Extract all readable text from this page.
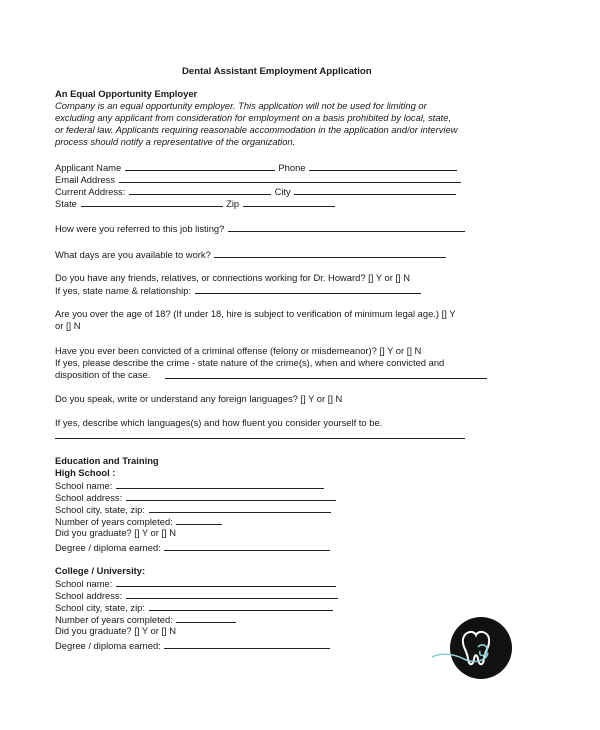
Dental Assistant Employment Application
An Equal Opportunity Employer
Company is an equal opportunity employer. This application will not be used for limiting or
excluding any applicant from consideration for employment on a basis prohibited by local, state,
or federal law. Applicants requiring reasonable accommodation in the application and/or interview
process should notify a representative of the organization.
Applicant Name	Phone
Email Address
Current Address:	City
State	Zip
How were you referred to this job listing?
What days are you available to work?
Do you have any friends, relatives, or connections working for Dr. Howard? [] Y or [] N
If yes, state name & relationship:
Are you over the age of 18? (If under 18, hire is subject to verification of minimum legal age.) [] Y
or [] N
Have you ever been convicted of a criminal offense (felony or misdemeanor)? [] Y or [] N
If yes, please describe the crime - state nature of the crime(s), when and where convicted and
disposition of the case.
Do you speak, write or understand any foreign languages? [] Y or [] N
If yes, describe which languages(s) and how fluent you consider yourself to be.
Education and Training
High School :
School name:
School address:
School city, state, zip:
Number of years completed:
Did you graduate? [] Y or [] N
Degree / diploma earned:
College / University:
School name:
School address:
School city, state, zip:
Number of years completed:
Did you graduate? [] Y or [] N
Degree / diploma earned:
